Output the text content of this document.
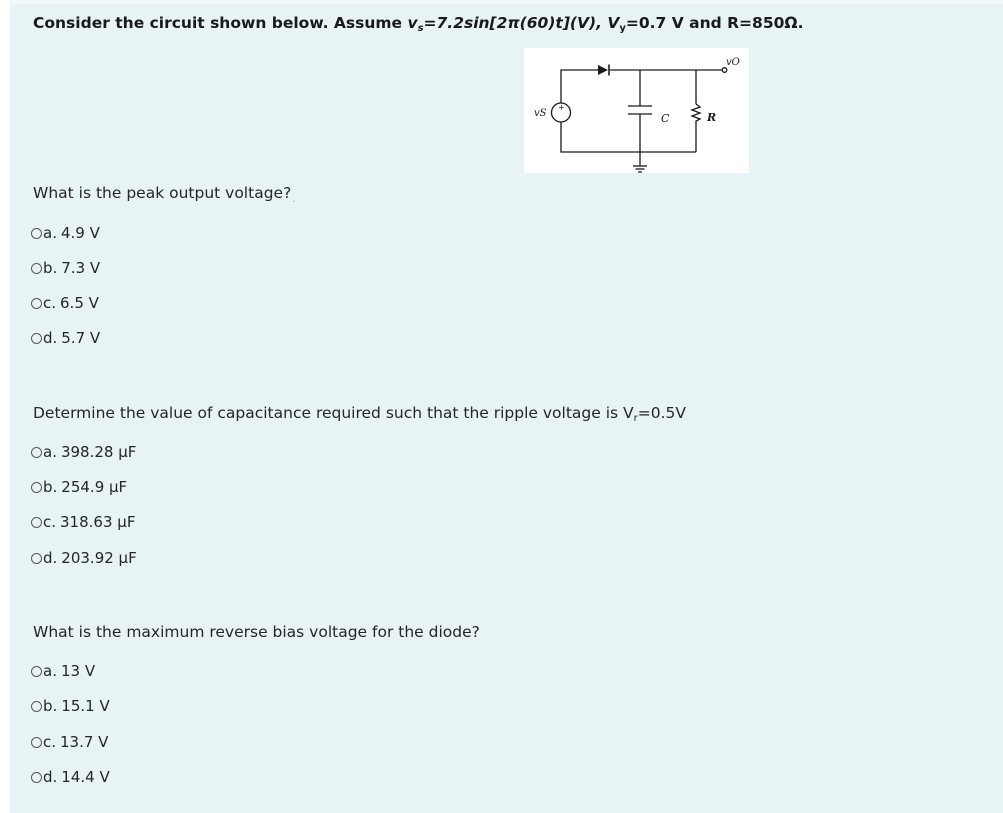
Consider the circuit shown below. Assume $v_s=7.2\sin[2\pi(60)t](V)$, $V_y=0.7$ V and R=850Ω.
+
vS	C	R
vO
What is the peak output $voltage?_.$
a. 4.9 V
b. 7.3 V
c. 6.5 V
d. 5.7 V
Determine the value of capacitance required such that the ripple voltage is $V_r=0.5V$
a. 398.28 μF
b. 254.9 μF
c. 318.63 μF
d. 203.92 μF
What is the maximum reverse bias voltage for the diode?
a. 13 V
b. 15.1 V
c. 13.7 V
d. 14.4 V
